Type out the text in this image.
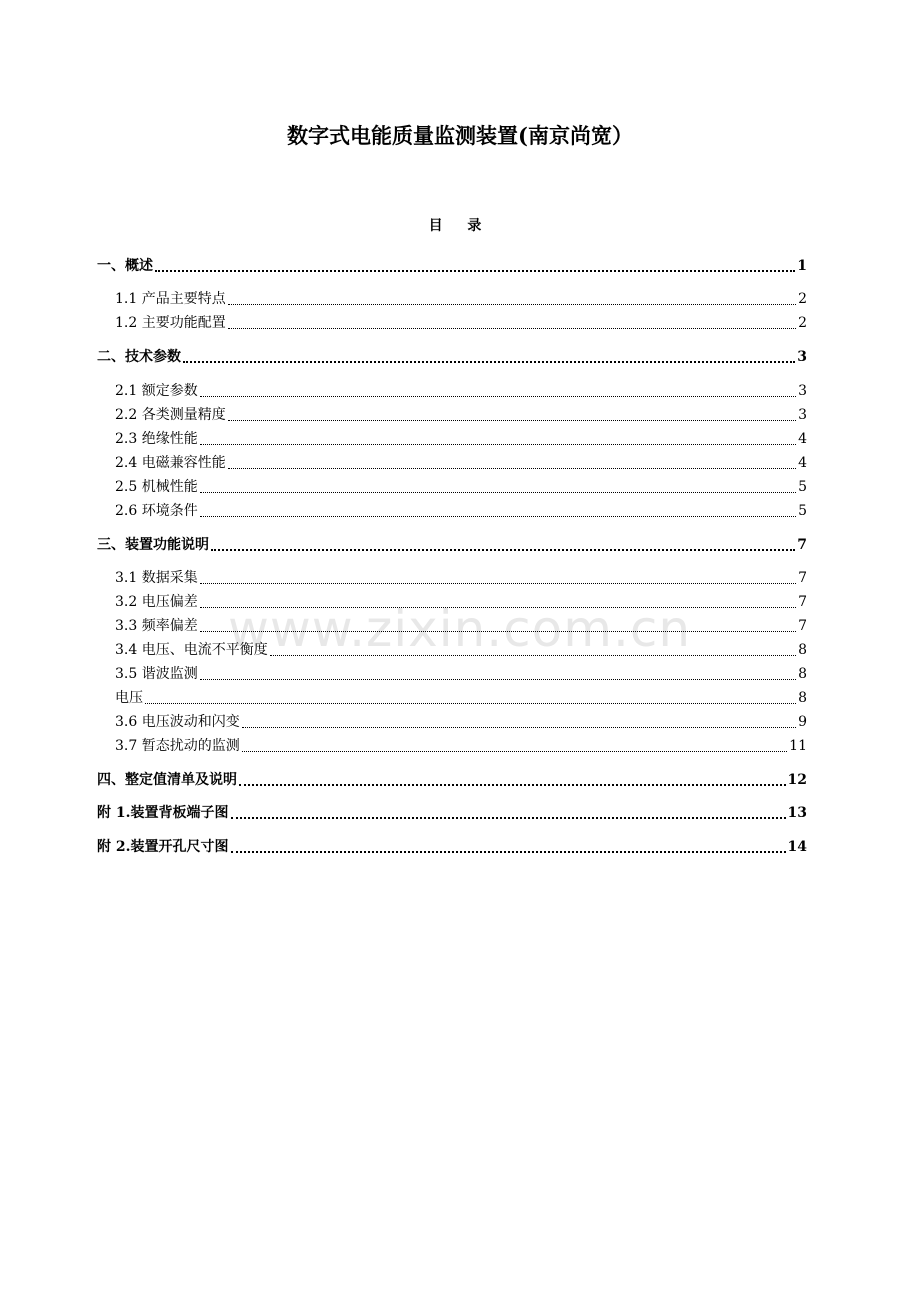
数字式电能质量监测装置(南京尚宽）
目 录
www.zixin.com.cn
一、概述	1
1.1 产品主要特点	2
1.2 主要功能配置	2
二、技术参数	3
2.1 额定参数	3
2.2 各类测量精度	3
2.3 绝缘性能	4
2.4 电磁兼容性能	4
2.5 机械性能	5
2.6 环境条件	5
三、装置功能说明	7
3.1 数据采集	7
3.2 电压偏差	7
3.3 频率偏差	7
3.4 电压、电流不平衡度	8
3.5 谐波监测	8
电压	8
3.6 电压波动和闪变	9
3.7 暂态扰动的监测	11
四、整定值清单及说明	12
附 1.装置背板端子图	13
附 2.装置开孔尺寸图	14
